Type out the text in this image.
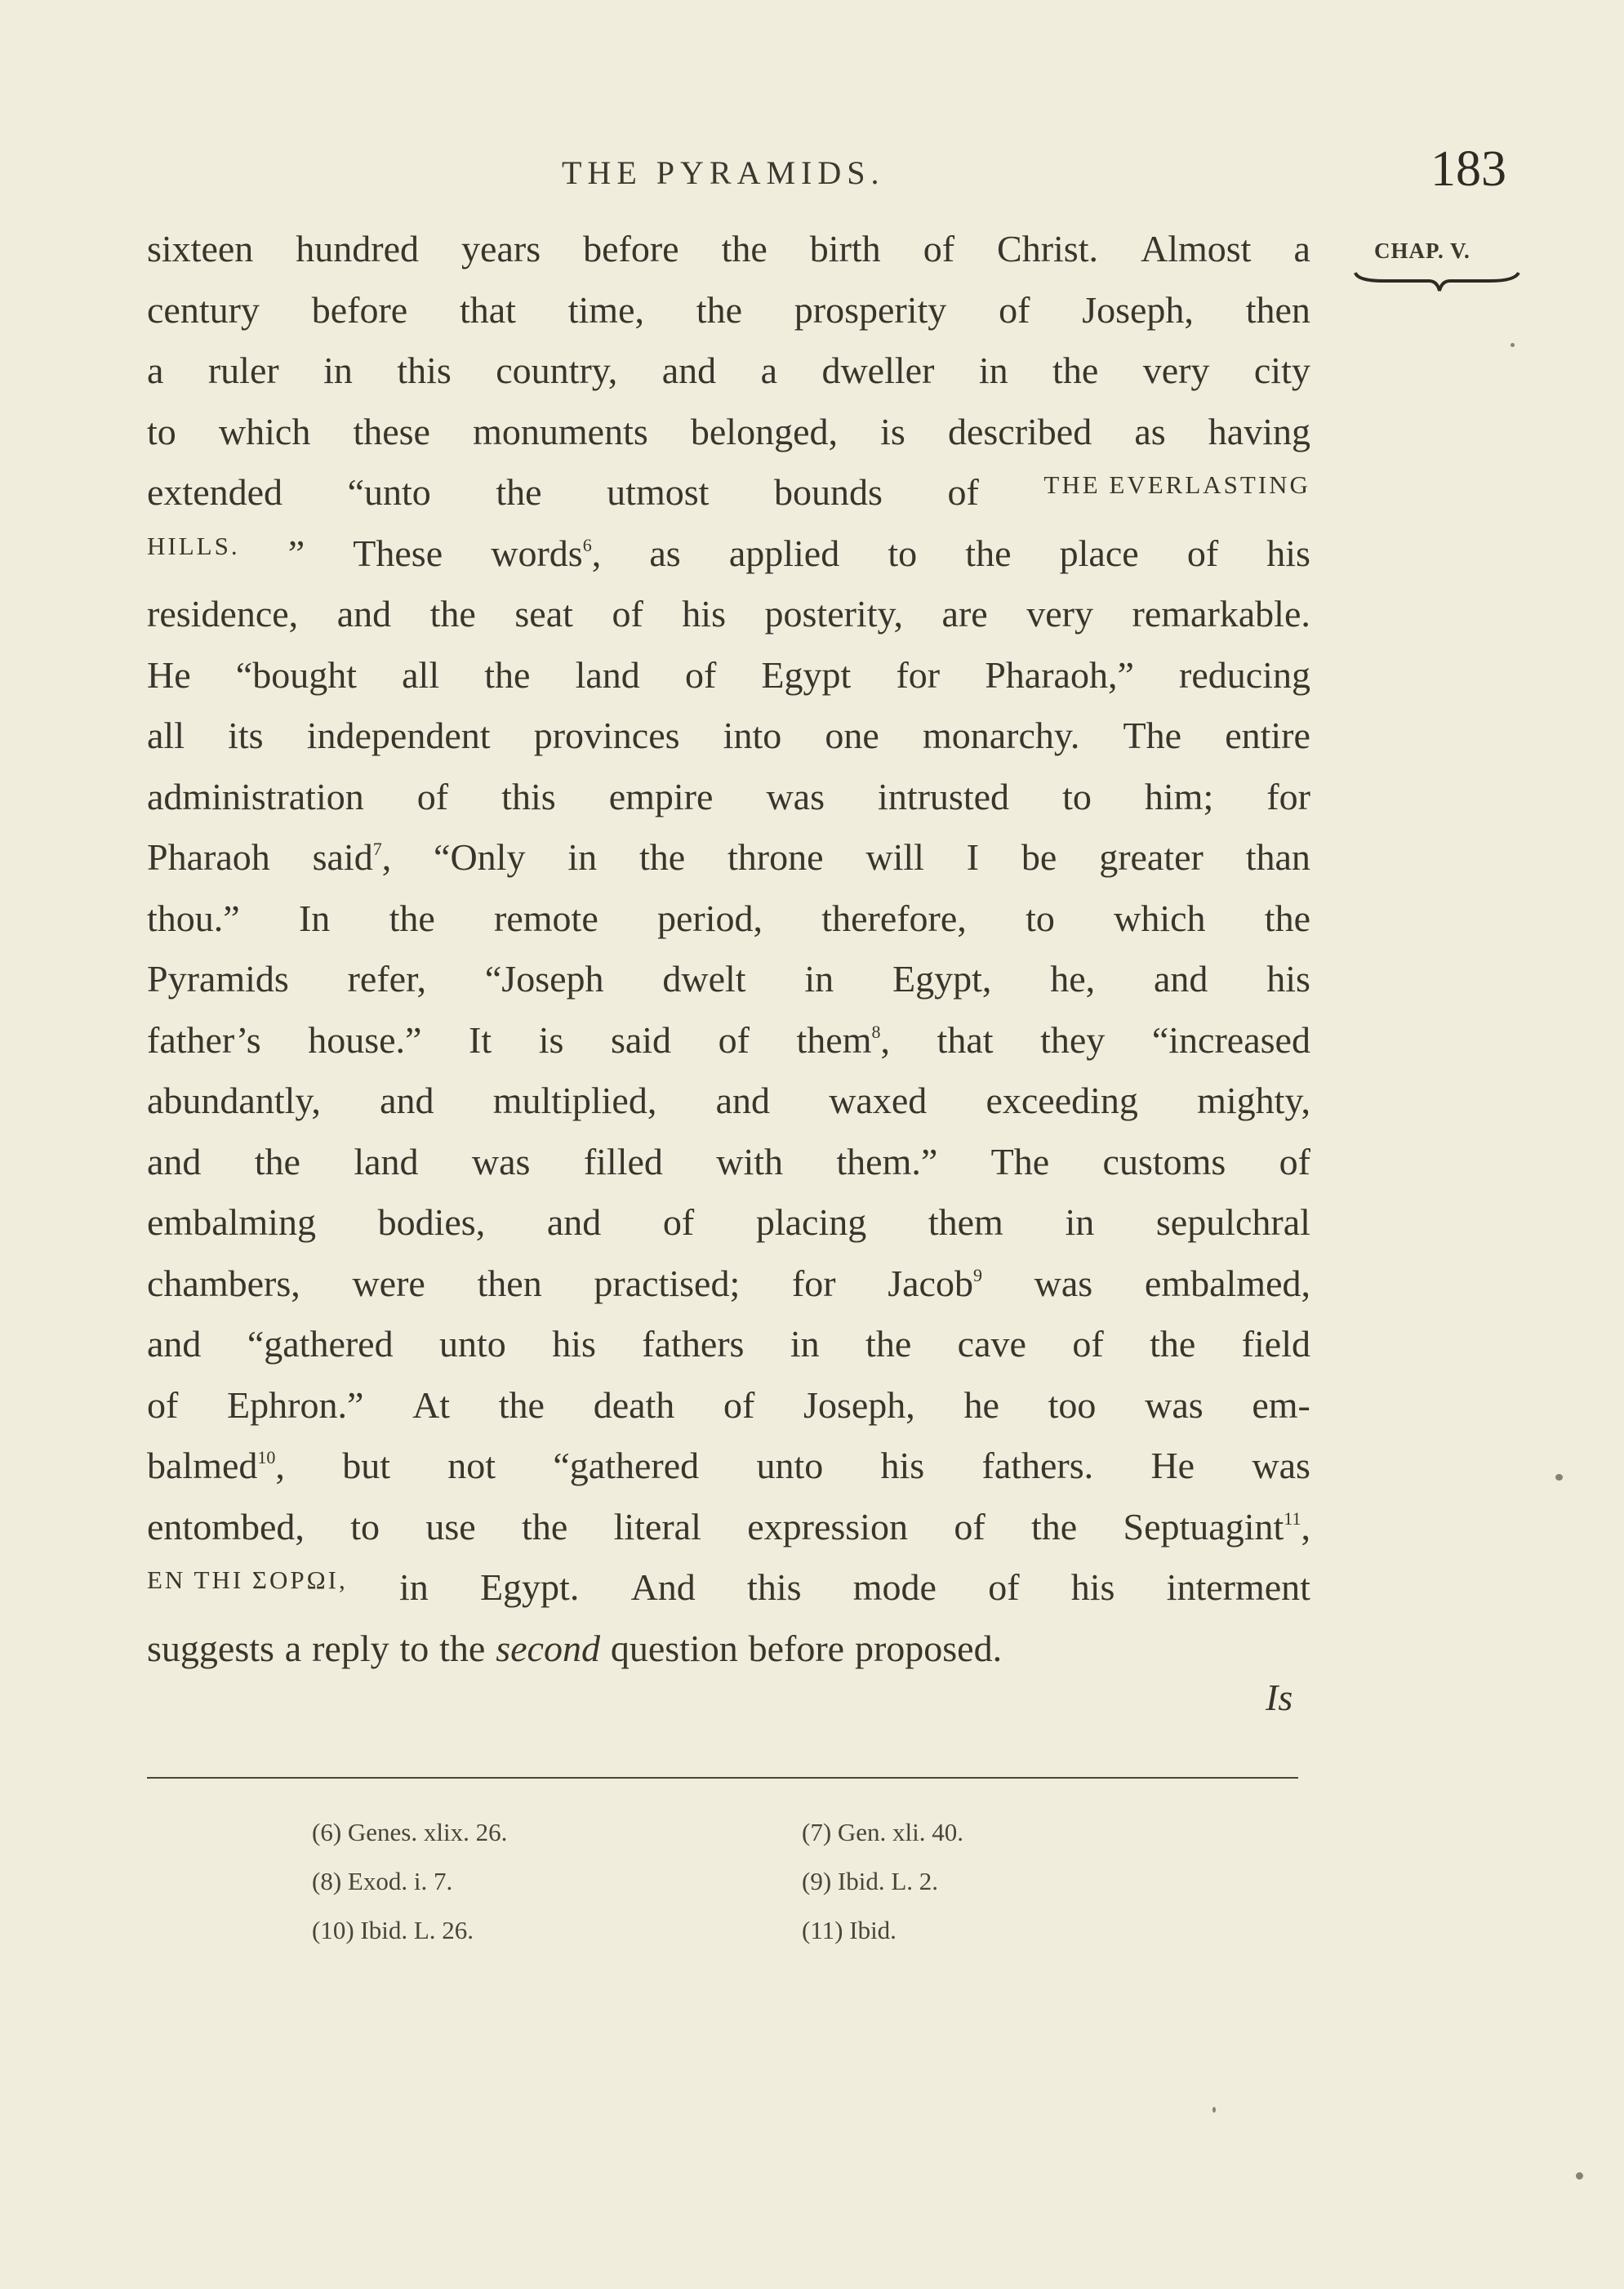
THE PYRAMIDS.	183
CHAP. V.
sixteen hundred years before the birth of Christ. Almost a
century before that time, the prosperity of Joseph, then
a ruler in this country, and a dweller in the very city
to which these monuments belonged, is described as having
extended “unto the utmost bounds of	THE EVERLASTING
HILLS. ” These words$^6$, as applied to the place of his
residence, and the seat of his posterity, are very remarkable.
He “bought all the land of Egypt for Pharaoh,” reducing
all its independent provinces into one monarchy. The entire
administration of this empire was intrusted to him; for
Pharaoh said$^7$, “Only in the throne will I be greater than
thou.” In the remote period, therefore, to which the
Pyramids refer, “Joseph dwelt in Egypt, he, and his
father’s house.” It is said of them$^8$, that they “increased
abundantly, and multiplied, and waxed exceeding mighty,
and the land was filled with them.” The customs of
embalming bodies, and of placing them in sepulchral
chambers, were then practised; for Jacob$^9$ was embalmed,
and “gathered unto his fathers in the cave of the field
of Ephron.” At the death of Joseph, he too was em-
balmed$^{10}$, but not “gathered unto his fathers. He was
entombed, to use the literal expression of the Septuagint$^{11}$,
EN THI ΣΟΡΩΙ, in Egypt. And this mode of his interment
suggests a reply to the second question before proposed.
Is
(6) Genes. xlix. 26.	(7) Gen. xli. 40.
(8) Exod. i. 7.	(9) Ibid. L. 2.
(10) Ibid. L. 26.	(11) Ibid.
